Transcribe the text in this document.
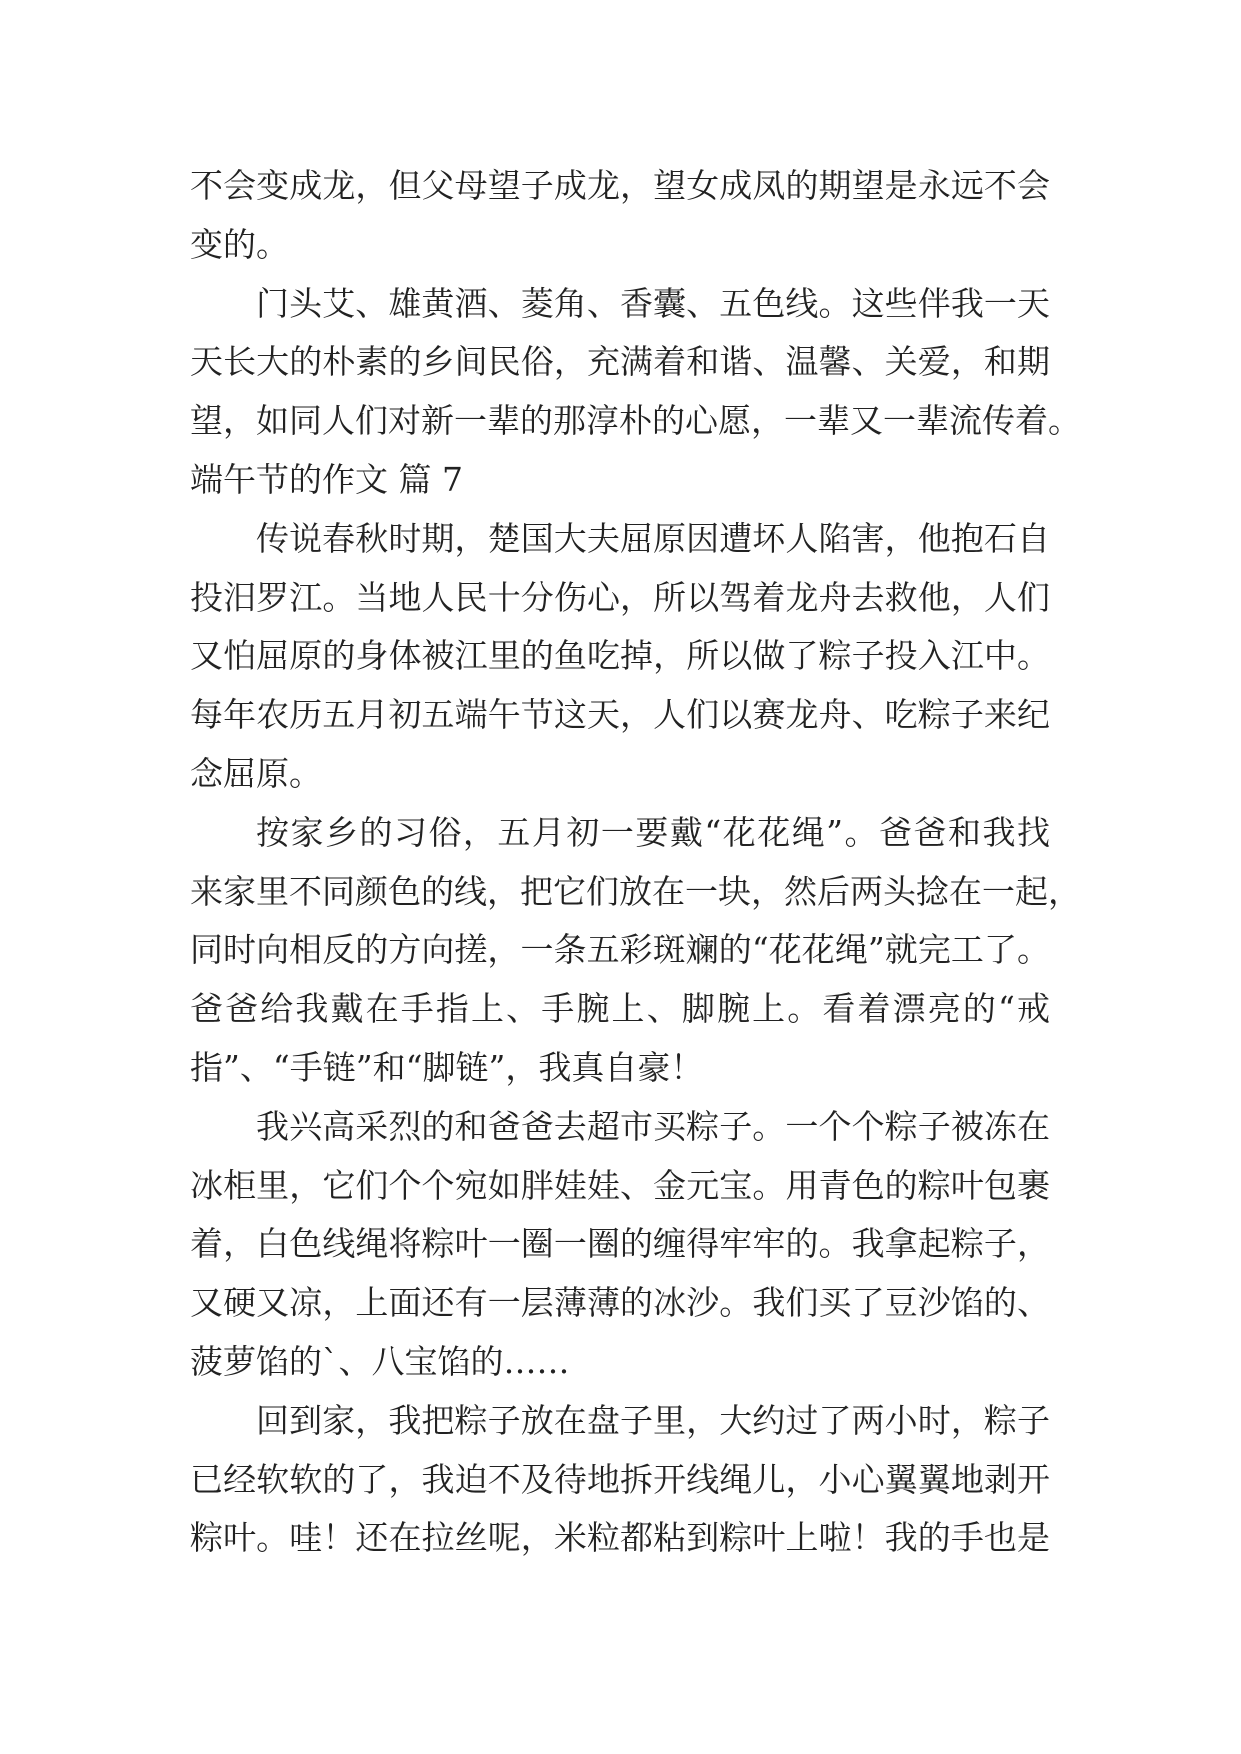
不会变成龙，但父母望子成龙，望女成凤的期望是永远不会
变的。
门头艾、雄黄酒、菱角、香囊、五色线。这些伴我一天
天长大的朴素的乡间民俗，充满着和谐、温馨、关爱，和期
望，如同人们对新一辈的那淳朴的心愿，一辈又一辈流传着。
端午节的作文 篇 7
传说春秋时期，楚国大夫屈原因遭坏人陷害，他抱石自
投汨罗江。当地人民十分伤心，所以驾着龙舟去救他，人们
又怕屈原的身体被江里的鱼吃掉，所以做了粽子投入江中。
每年农历五月初五端午节这天，人们以赛龙舟、吃粽子来纪
念屈原。
按家乡的习俗，五月初一要戴“花花绳”。爸爸和我找
来家里不同颜色的线，把它们放在一块，然后两头捻在一起，
同时向相反的方向搓，一条五彩斑斓的“花花绳”就完工了。
爸爸给我戴在手指上、手腕上、脚腕上。看着漂亮的“戒
指”、“手链”和“脚链”，我真自豪！
我兴高采烈的和爸爸去超市买粽子。一个个粽子被冻在
冰柜里，它们个个宛如胖娃娃、金元宝。用青色的粽叶包裹
着，白色线绳将粽叶一圈一圈的缠得牢牢的。我拿起粽子，
又硬又凉，上面还有一层薄薄的冰沙。我们买了豆沙馅的、
菠萝馅的`、八宝馅的……
回到家，我把粽子放在盘子里，大约过了两小时，粽子
已经软软的了，我迫不及待地拆开线绳儿，小心翼翼地剥开
粽叶。哇！还在拉丝呢，米粒都粘到粽叶上啦！我的手也是
